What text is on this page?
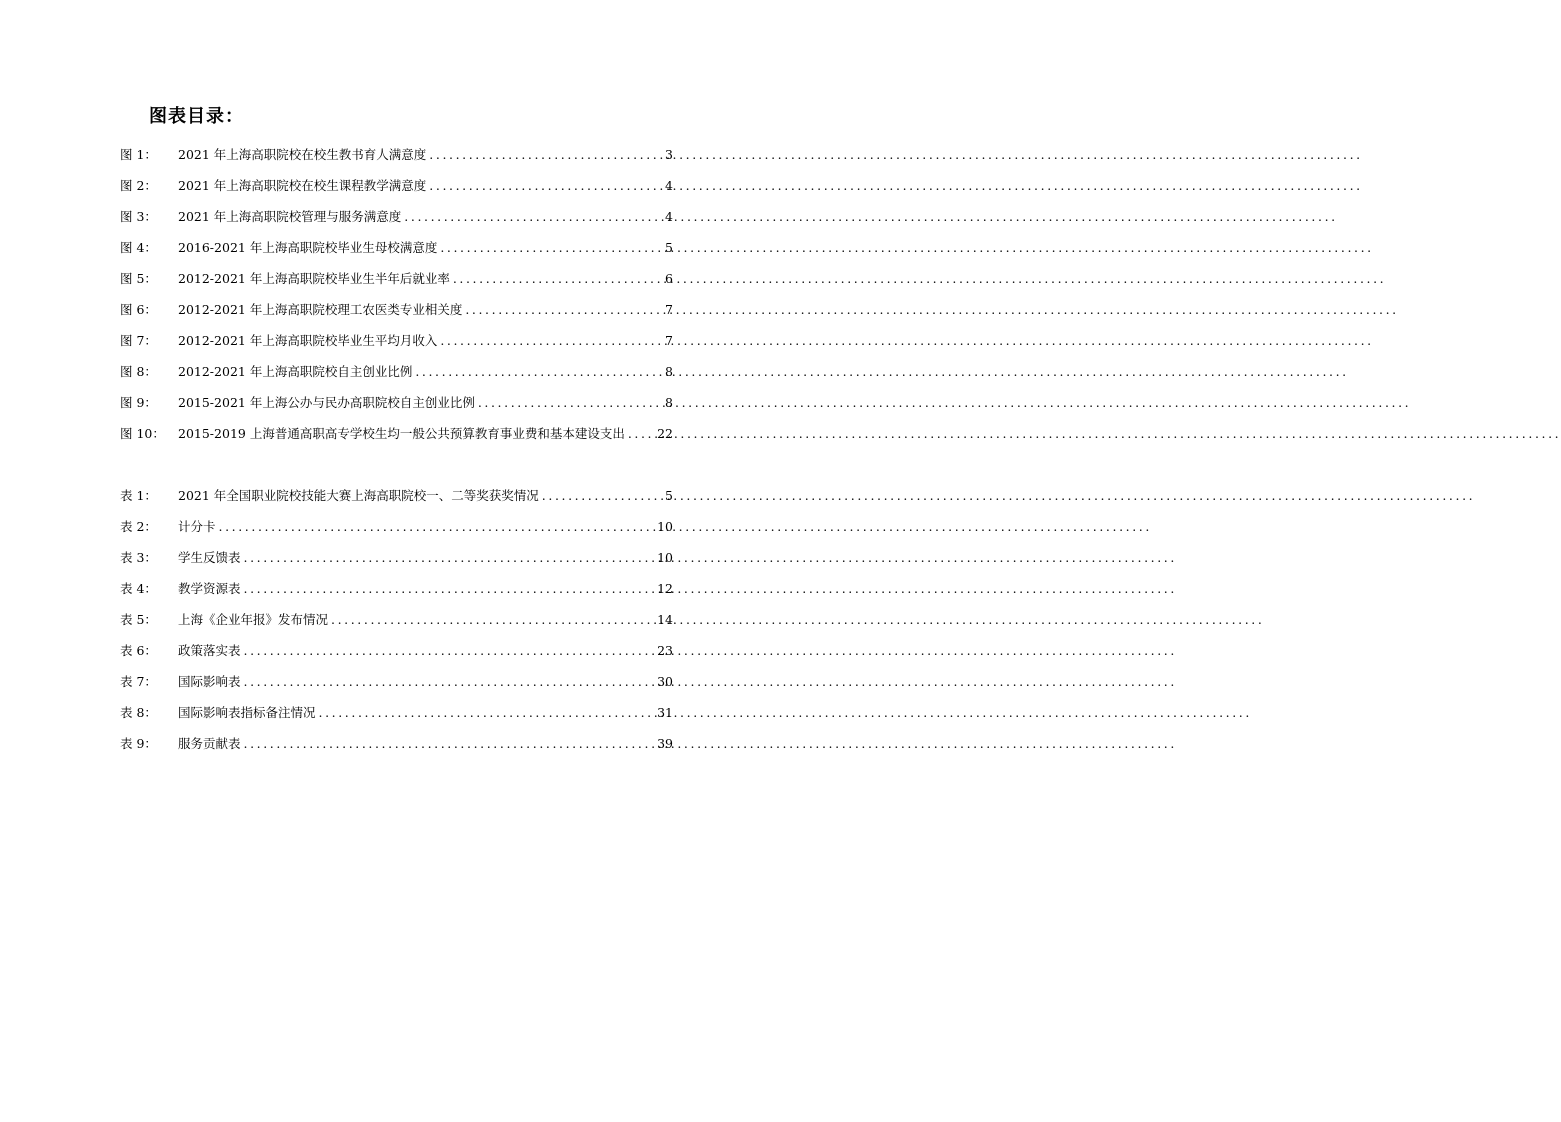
图表目录：
图 1：	2021 年上海高职院校在校生教书育人满意度 .....	3
图 2：	2021 年上海高职院校在校生课程教学满意度 .....	4
图 3：	2021 年上海高职院校管理与服务满意度 .....	4
图 4：	2016-2021 年上海高职院校毕业生母校满意度 .....	5
图 5：	2012-2021 年上海高职院校毕业生半年后就业率 .....	6
图 6：	2012-2021 年上海高职院校理工农医类专业相关度 .....	7
图 7：	2012-2021 年上海高职院校毕业生平均月收入 .....	7
图 8：	2012-2021 年上海高职院校自主创业比例 .....	8
图 9：	2015-2021 年上海公办与民办高职院校自主创业比例 .....	8
图 10：	2015-2019 上海普通高职高专学校生均一般公共预算教育事业费和基本建设支出 .....	22
表 1：	2021 年全国职业院校技能大赛上海高职院校一、二等奖获奖情况 .....	5
表 2：	计分卡 .....	10
表 3：	学生反馈表 .....	10
表 4：	教学资源表 .....	12
表 5：	上海《企业年报》发布情况 .....	14
表 6：	政策落实表 .....	23
表 7：	国际影响表 .....	30
表 8：	国际影响表指标备注情况 .....	31
表 9：	服务贡献表 .....	39
